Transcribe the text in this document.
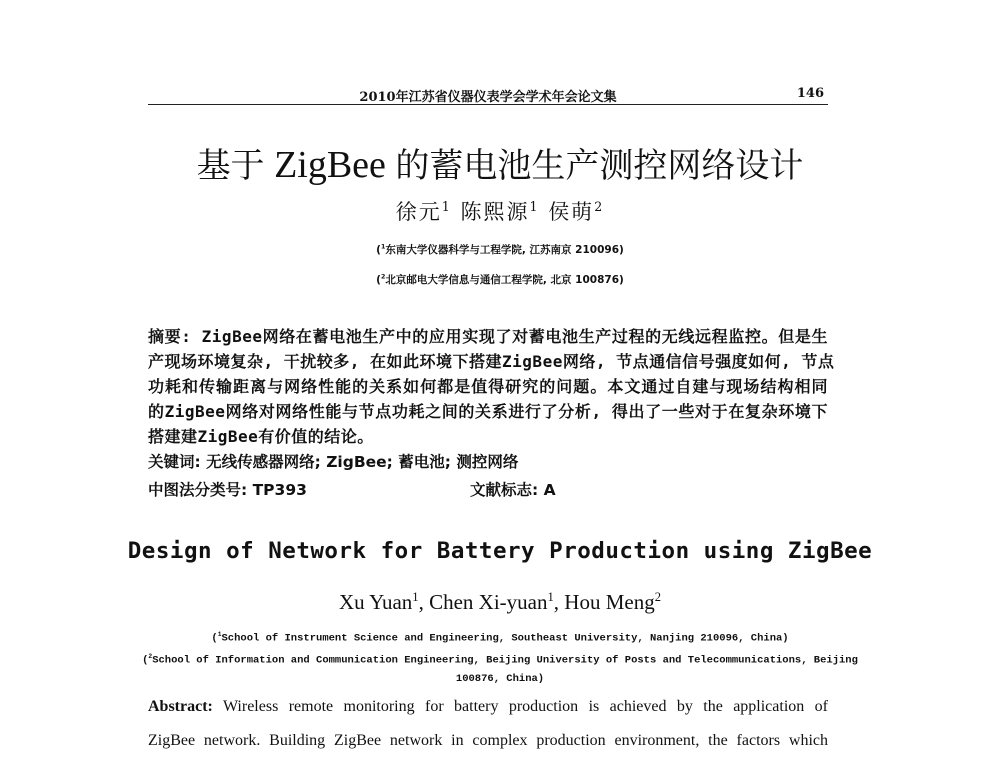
2010年江苏省仪器仪表学会学术年会论文集	146
基于 ZigBee 的蓄电池生产测控网络设计
徐元$^1$ 陈熙源$^1$ 侯萌$^2$
($^1$东南大学仪器科学与工程学院, 江苏南京 210096)
($^2$北京邮电大学信息与通信工程学院, 北京 100876)
摘要: ZigBee网络在蓄电池生产中的应用实现了对蓄电池生产过程的无线远程监控。但是生
产现场环境复杂, 干扰较多, 在如此环境下搭建ZigBee网络, 节点通信信号强度如何, 节点
功耗和传输距离与网络性能的关系如何都是值得研究的问题。本文通过自建与现场结构相同
的ZigBee网络对网络性能与节点功耗之间的关系进行了分析, 得出了一些对于在复杂环境下
搭建建ZigBee有价值的结论。
关键词: 无线传感器网络; ZigBee; 蓄电池; 测控网络
中图法分类号: TP393	文献标志: A
Design of Network for Battery Production using ZigBee
Xu Yuan$^1$, Chen Xi-yuan$^1$, Hou Meng$^2$
($^1$School of Instrument Science and Engineering, Southeast University, Nanjing 210096, China)
($^2$School of Information and Communication Engineering, Beijing University of Posts and Telecommunications, Beijing
100876, China)
Abstract: Wireless remote monitoring for battery production is achieved by the application of
ZigBee network. Building ZigBee network in complex production environment, the factors which
